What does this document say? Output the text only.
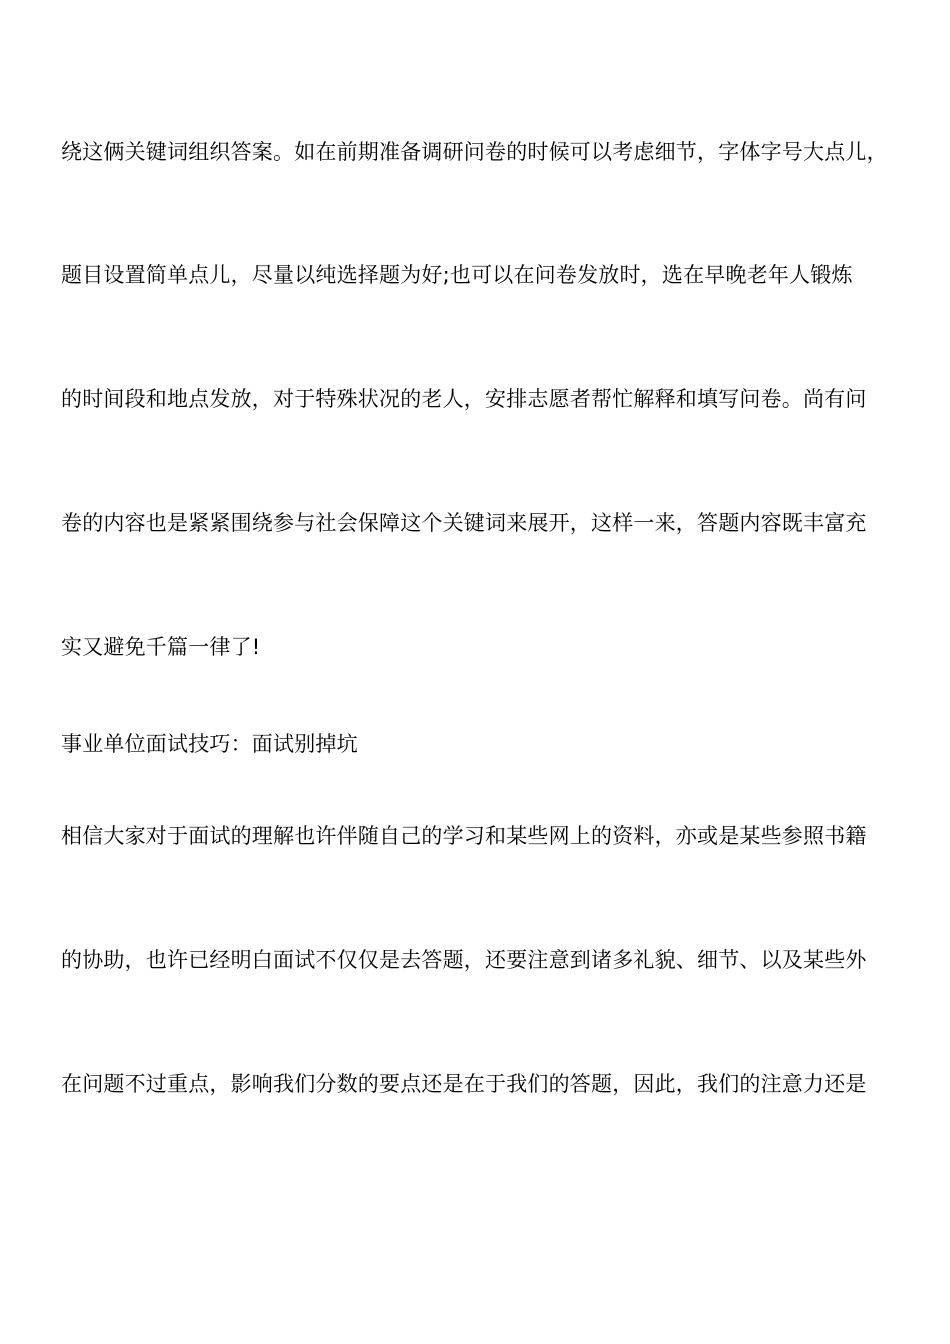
绕这俩关键词组织答案。如在前期准备调研问卷的时候可以考虑细节，字体字号大点儿，
题目设置简单点儿，尽量以纯选择题为好;也可以在问卷发放时，选在早晚老年人锻炼
的时间段和地点发放，对于特殊状况的老人，安排志愿者帮忙解释和填写问卷。尚有问
卷的内容也是紧紧围绕参与社会保障这个关键词来展开，这样一来，答题内容既丰富充
实又避免千篇一律了!
事业单位面试技巧：面试别掉坑
相信大家对于面试的理解也许伴随自己的学习和某些网上的资料，亦或是某些参照书籍
的协助，也许已经明白面试不仅仅是去答题，还要注意到诸多礼貌、细节、以及某些外
在问题不过重点，影响我们分数的要点还是在于我们的答题，因此，我们的注意力还是
